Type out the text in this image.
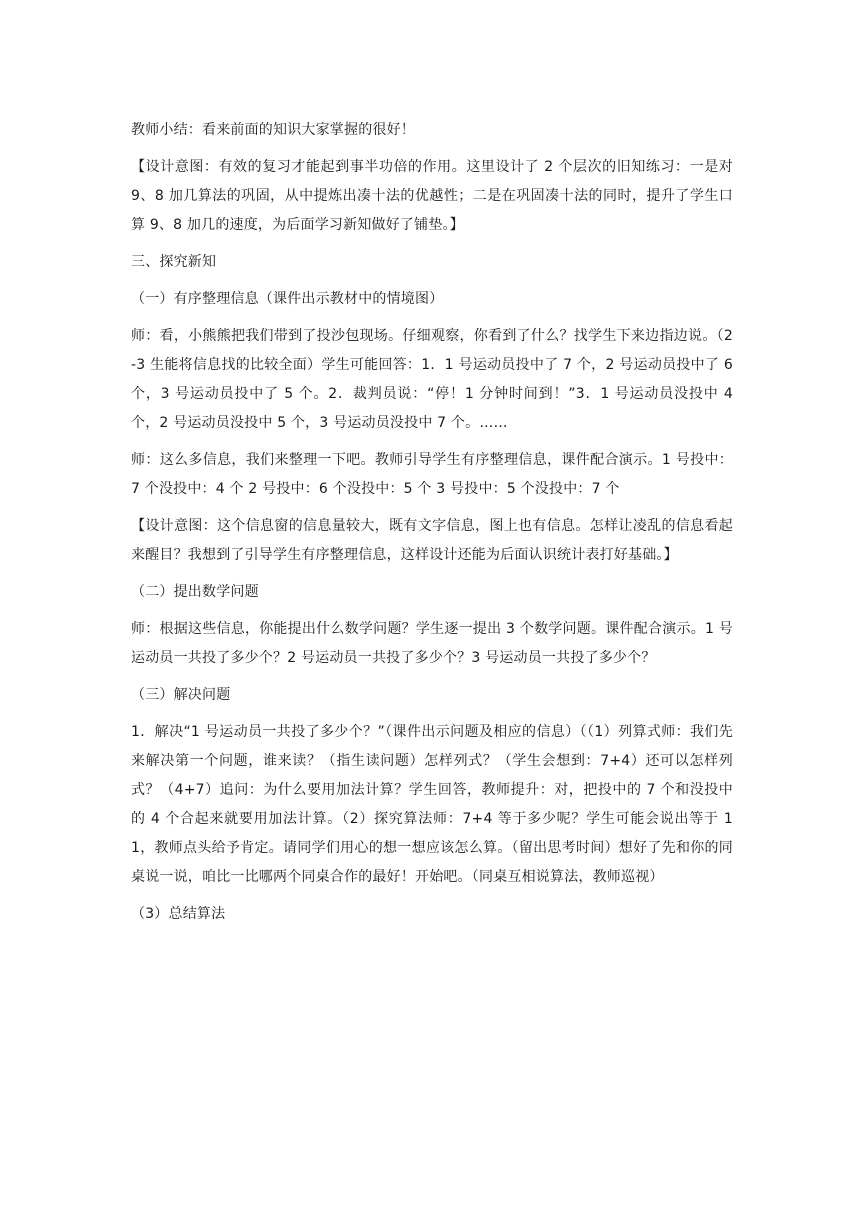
教师小结：看来前面的知识大家掌握的很好！

【设计意图：有效的复习才能起到事半功倍的作用。这里设计了 2 个层次的旧知练习：一是对 9、8 加几算法的巩固，从中提炼出凑十法的优越性；二是在巩固凑十法的同时，提升了学生口算 9、8 加几的速度，为后面学习新知做好了铺垫。】

三、探究新知

（一）有序整理信息（课件出示教材中的情境图）

师：看，小熊熊把我们带到了投沙包现场。仔细观察，你看到了什么？找学生下来边指边说。（2-3 生能将信息找的比较全面）学生可能回答：1．1 号运动员投中了 7 个，2 号运动员投中了 6 个，3 号运动员投中了 5 个。2．裁判员说：“停！1 分钟时间到！”3．1 号运动员没投中 4 个，2 号运动员没投中 5 个，3 号运动员没投中 7 个。……

师：这么多信息，我们来整理一下吧。教师引导学生有序整理信息，课件配合演示。1 号投中：7 个没投中：4 个 2 号投中：6 个没投中：5 个 3 号投中：5 个没投中：7 个

【设计意图：这个信息窗的信息量较大，既有文字信息，图上也有信息。怎样让凌乱的信息看起来醒目？我想到了引导学生有序整理信息，这样设计还能为后面认识统计表打好基础。】

（二）提出数学问题

师：根据这些信息，你能提出什么数学问题？学生逐一提出 3 个数学问题。课件配合演示。1 号运动员一共投了多少个？2 号运动员一共投了多少个？3 号运动员一共投了多少个？

（三）解决问题

1．解决“1 号运动员一共投了多少个？”（课件出示问题及相应的信息）（（1）列算式师：我们先来解决第一个问题，谁来读？（指生读问题）怎样列式？（学生会想到：7+4）还可以怎样列式？（4+7）追问：为什么要用加法计算？学生回答，教师提升：对，把投中的 7 个和没投中的 4 个合起来就要用加法计算。（2）探究算法师：7+4 等于多少呢？学生可能会说出等于 11，教师点头给予肯定。请同学们用心的想一想应该怎么算。（留出思考时间）想好了先和你的同桌说一说，咱比一比哪两个同桌合作的最好！开始吧。（同桌互相说算法，教师巡视）

（3）总结算法
